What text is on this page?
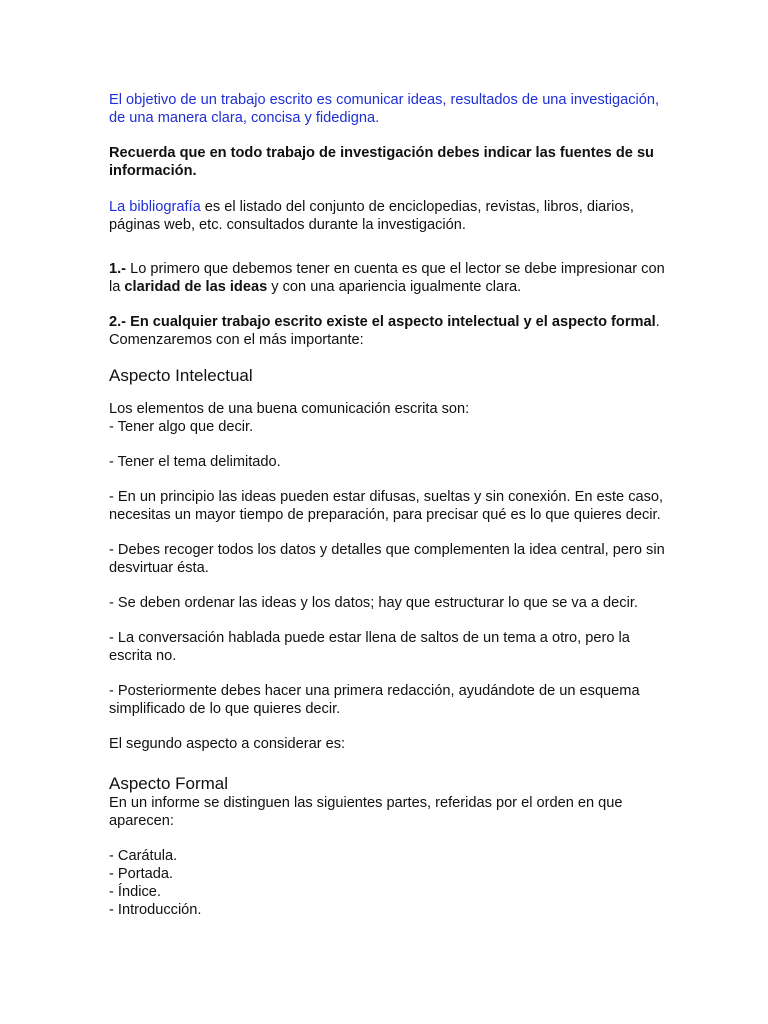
El objetivo de un trabajo escrito es comunicar ideas, resultados de una investigación, de una manera clara, concisa y fidedigna.

Recuerda que en todo trabajo de investigación debes indicar las fuentes de su información.

La bibliografía es el listado del conjunto de enciclopedias, revistas, libros, diarios, páginas web, etc. consultados durante la investigación.

1.- Lo primero que debemos tener en cuenta es que el lector se debe impresionar con la claridad de las ideas y con una apariencia igualmente clara.

2.- En cualquier trabajo escrito existe el aspecto intelectual y el aspecto formal. Comenzaremos con el más importante:

Aspecto Intelectual

Los elementos de una buena comunicación escrita son:

- Tener algo que decir.

- Tener el tema delimitado.

- En un principio las ideas pueden estar difusas, sueltas y sin conexión. En este caso, necesitas un mayor tiempo de preparación, para precisar qué es lo que quieres decir.

- Debes recoger todos los datos y detalles que complementen la idea central, pero sin desvirtuar ésta.

- Se deben ordenar las ideas y los datos; hay que estructurar lo que se va a decir.

- La conversación hablada puede estar llena de saltos de un tema a otro, pero la escrita no.

- Posteriormente debes hacer una primera redacción, ayudándote de un esquema simplificado de lo que quieres decir.

El segundo aspecto a considerar es:

Aspecto Formal

En un informe se distinguen las siguientes partes, referidas por el orden en que aparecen:

- Carátula.

- Portada.

- Índice.

- Introducción.
